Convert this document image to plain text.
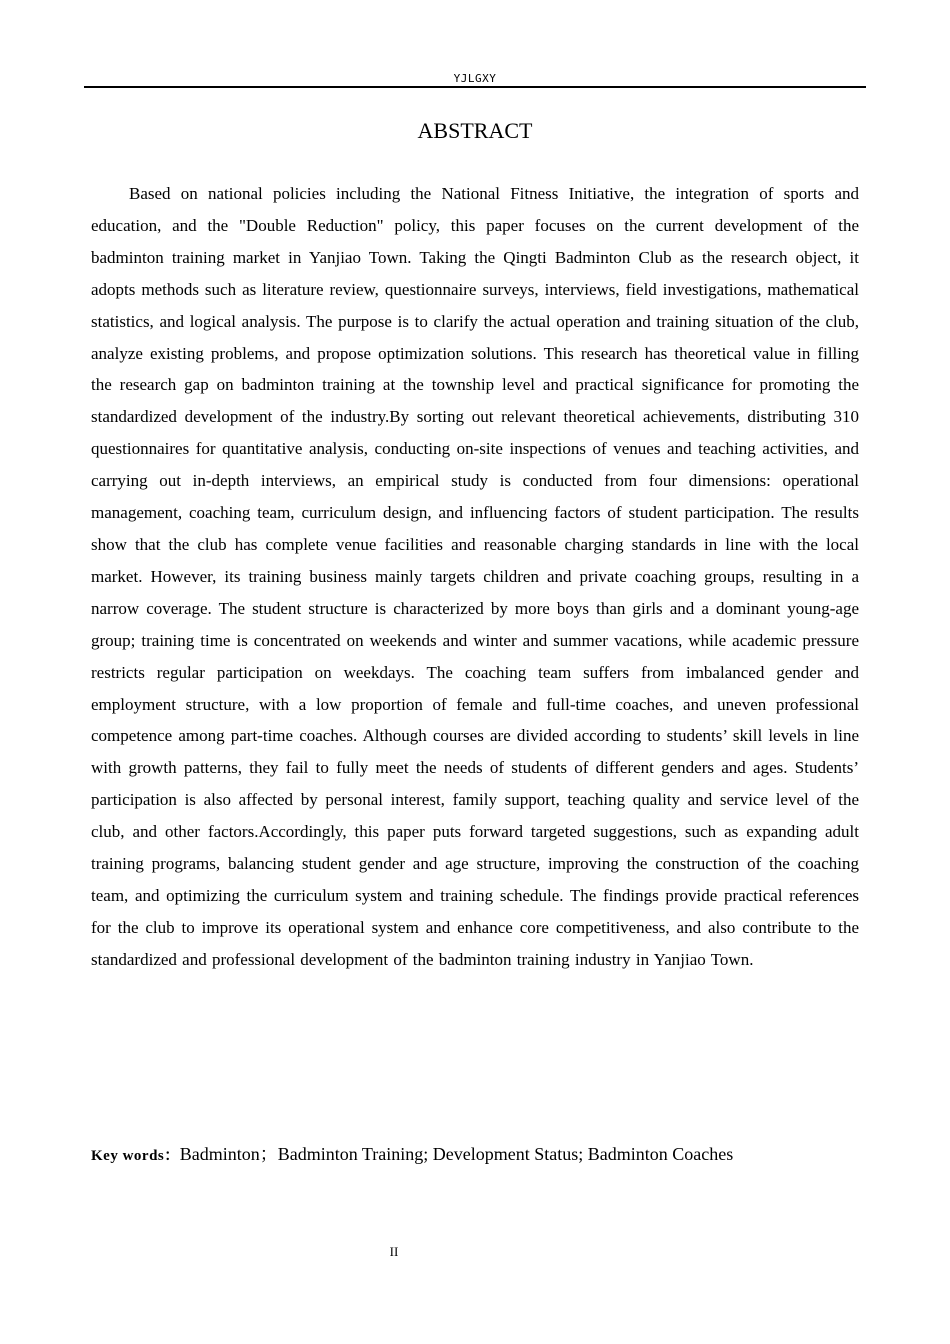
YJLGXY
ABSTRACT

Based on national policies including the National Fitness Initiative, the integration of sports and education, and the "Double Reduction" policy, this paper focuses on the current development of the badminton training market in Yanjiao Town. Taking the Qingti Badminton Club as the research object, it adopts methods such as literature review, questionnaire surveys, interviews, field investigations, mathematical statistics, and logical analysis. The purpose is to clarify the actual operation and training situation of the club, analyze existing problems, and propose optimization solutions. This research has theoretical value in filling the research gap on badminton training at the township level and practical significance for promoting the standardized development of the industry.By sorting out relevant theoretical achievements, distributing 310 questionnaires for quantitative analysis, conducting on-site inspections of venues and teaching activities, and carrying out in-depth interviews, an empirical study is conducted from four dimensions: operational management, coaching team, curriculum design, and influencing factors of student participation. The results show that the club has complete venue facilities and reasonable charging standards in line with the local market. However, its training business mainly targets children and private coaching groups, resulting in a narrow coverage. The student structure is characterized by more boys than girls and a dominant young-age group; training time is concentrated on weekends and winter and summer vacations, while academic pressure restricts regular participation on weekdays. The coaching team suffers from imbalanced gender and employment structure, with a low proportion of female and full-time coaches, and uneven professional competence among part-time coaches. Although courses are divided according to students’ skill levels in line with growth patterns, they fail to fully meet the needs of students of different genders and ages. Students’ participation is also affected by personal interest, family support, teaching quality and service level of the club, and other factors.Accordingly, this paper puts forward targeted suggestions, such as expanding adult training programs, balancing student gender and age structure, improving the construction of the coaching team, and optimizing the curriculum system and training schedule. The findings provide practical references for the club to improve its operational system and enhance core competitiveness, and also contribute to the standardized and professional development of the badminton training industry in Yanjiao Town.

Key words：Badminton；Badminton Training; Development Status; Badminton Coaches
II
